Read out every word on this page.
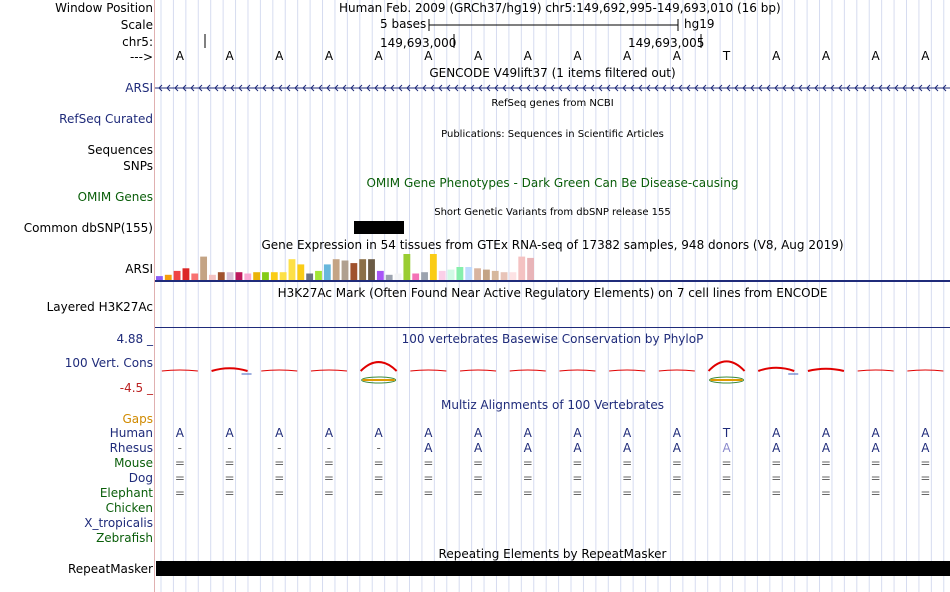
Window Position
Scale
chr5:
--->
Human Feb. 2009 (GRCh37/hg19) chr5:149,692,995-149,693,010 (16 bp)
5 bases	hg19
149,693,000	149,693,005
A	A	A	A	A	A	A	A	A	A	A	T	A	A	A	A
GENCODE V49lift37 (1 items filtered out)
ARSI
RefSeq genes from NCBI
RefSeq Curated
Publications: Sequences in Scientific Articles
Sequences
SNPs
OMIM Gene Phenotypes - Dark Green Can Be Disease-causing
OMIM Genes
Short Genetic Variants from dbSNP release 155
Common dbSNP(155)
Gene Expression in 54 tissues from GTEx RNA-seq of 17382 samples, 948 donors (V8, Aug 2019)
ARSI
H3K27Ac Mark (Often Found Near Active Regulatory Elements) on 7 cell lines from ENCODE
Layered H3K27Ac
100 vertebrates Basewise Conservation by PhyloP
4.88 _
100 Vert. Cons
-4.5 _
Multiz Alignments of 100 Vertebrates
Gaps
Human	A	A	A	A	A	A	A	A	A	A	A	T	A	A	A	A
Rhesus	-	-	-	-	-	A	A	A	A	A	A	A	A	A	A	A
Mouse	=	=	=	=	=	=	=	=	=	=	=	=	=	=	=	=
Dog	=	=	=	=	=	=	=	=	=	=	=	=	=	=	=	=
Elephant	=	=	=	=	=	=	=	=	=	=	=	=	=	=	=	=
Chicken
X_tropicalis
Zebrafish
Repeating Elements by RepeatMasker
RepeatMasker
